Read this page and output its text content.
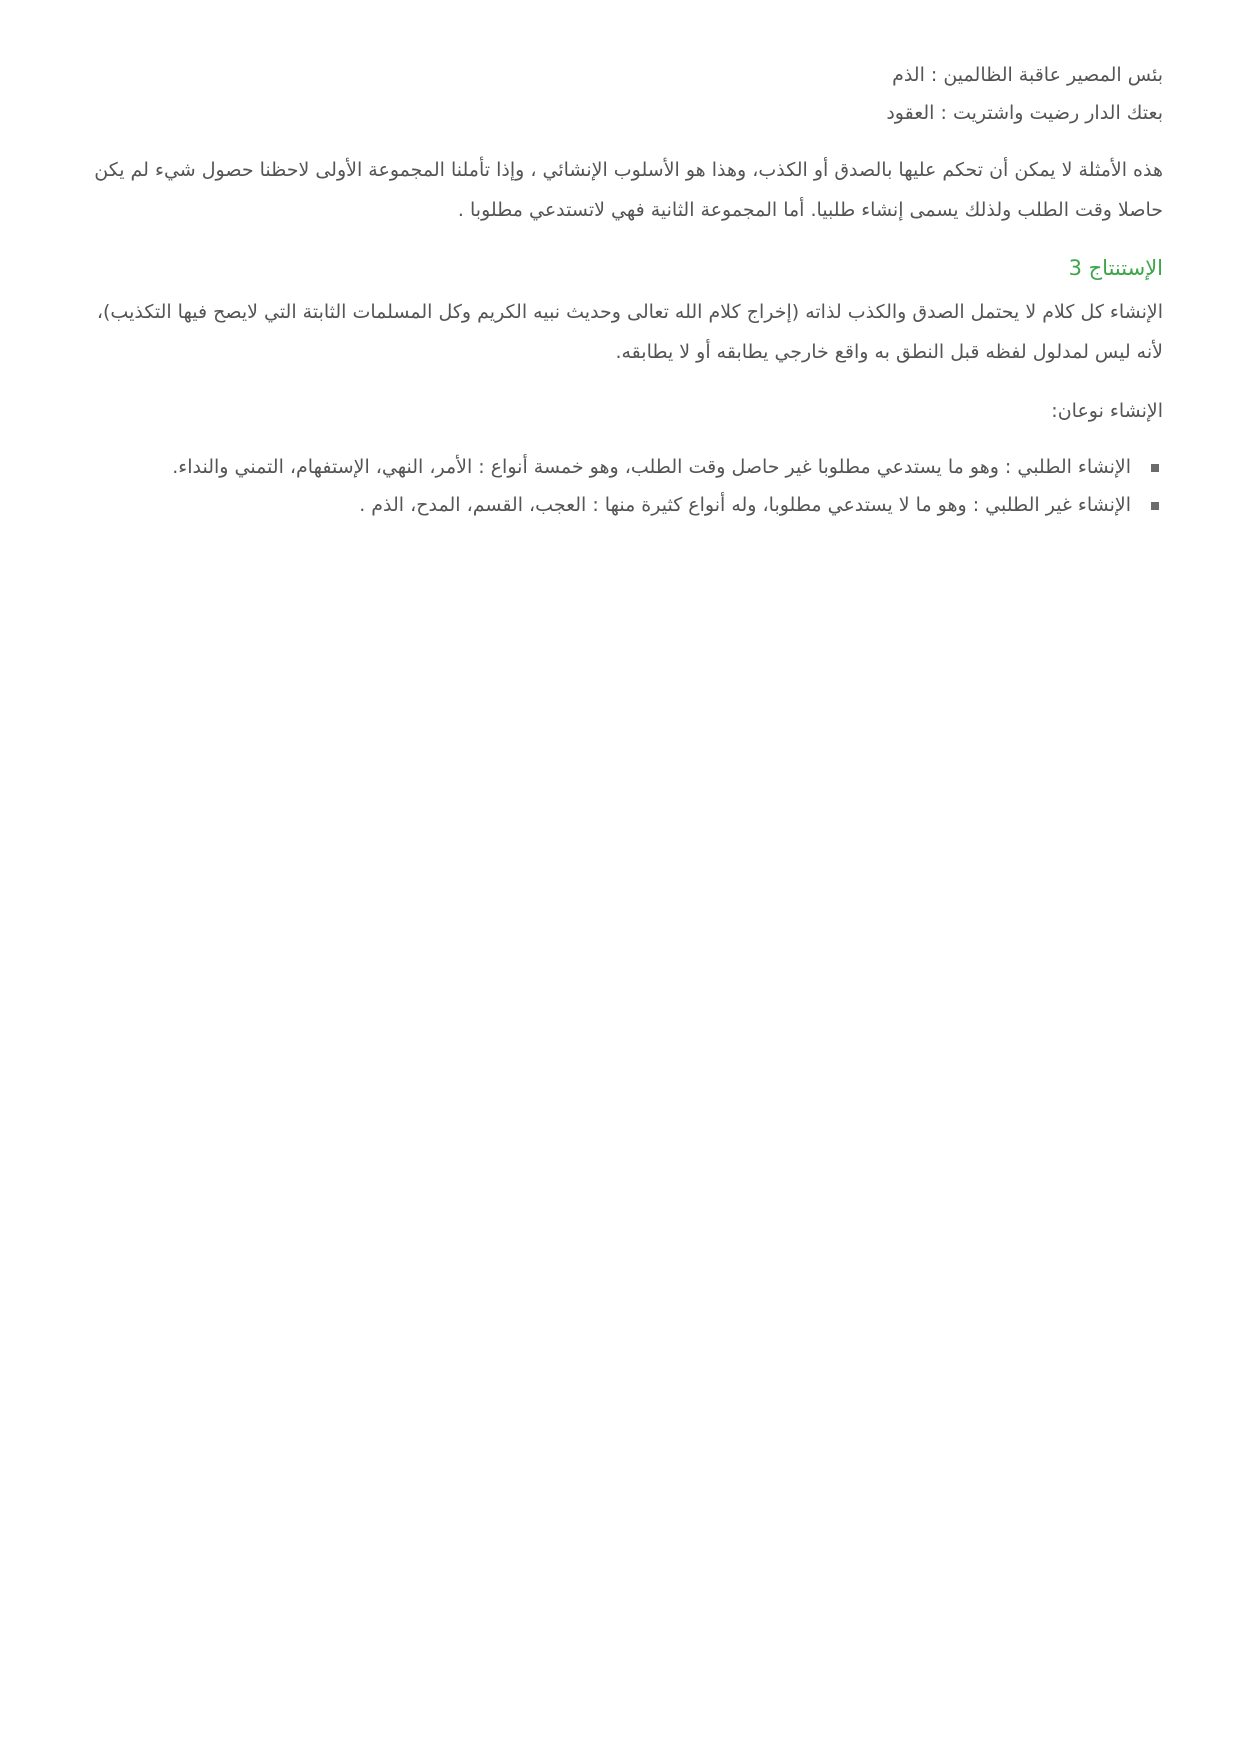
بئس المصير عاقبة الظالمين : الذم

بعتك الدار رضيت واشتريت : العقود

هذه الأمثلة لا يمكن أن تحكم عليها بالصدق أو الكذب، وهذا هو الأسلوب الإنشائي ، وإذا تأملنا المجموعة الأولى لاحظنا حصول شيء لم يكن حاصلا وقت الطلب ولذلك يسمى إنشاء طلبيا. أما المجموعة الثانية فهي لاتستدعي مطلوبا .

الإستنتاج 3

الإنشاء كل كلام لا يحتمل الصدق والكذب لذاته (إخراج كلام الله تعالى وحديث نبيه الكريم وكل المسلمات الثابتة التي لايصح فيها التكذيب)، لأنه ليس لمدلول لفظه قبل النطق به واقع خارجي يطابقه أو لا يطابقه.

الإنشاء نوعان:

الإنشاء الطلبي : وهو ما يستدعي مطلوبا غير حاصل وقت الطلب، وهو خمسة أنواع : الأمر، النهي، الإستفهام، التمني والنداء.
الإنشاء غير الطلبي : وهو ما لا يستدعي مطلوبا، وله أنواع كثيرة منها : العجب، القسم، المدح، الذم .
